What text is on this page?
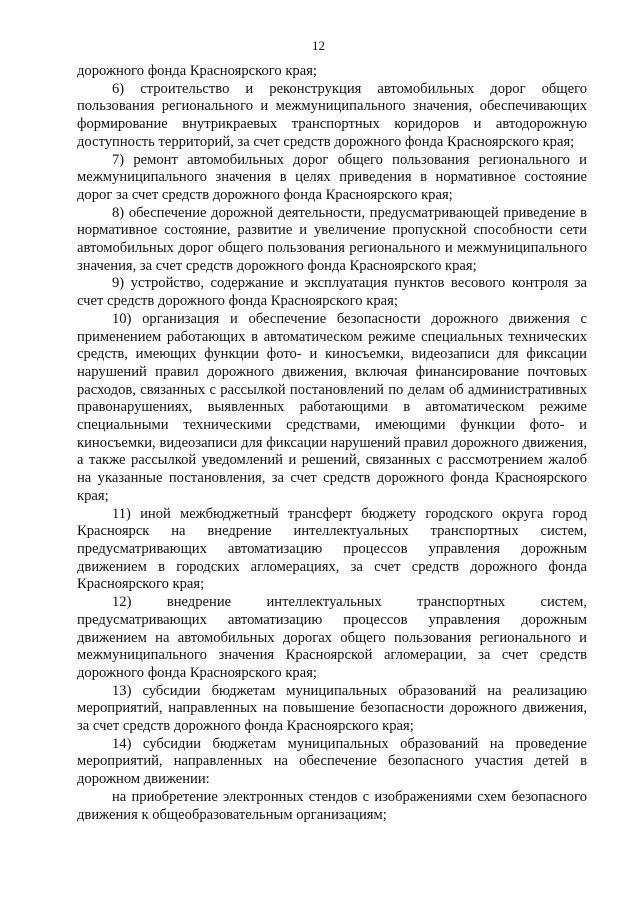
12

дорожного фонда Красноярского края;

6) строительство и реконструкция автомобильных дорог общего пользования регионального и межмуниципального значения, обеспечивающих формирование внутрикраевых транспортных коридоров и автодорожную доступность территорий, за счет средств дорожного фонда Красноярского края;

7) ремонт автомобильных дорог общего пользования регионального и межмуниципального значения в целях приведения в нормативное состояние дорог за счет средств дорожного фонда Красноярского края;

8) обеспечение дорожной деятельности, предусматривающей приведение в нормативное состояние, развитие и увеличение пропускной способности сети автомобильных дорог общего пользования регионального и межмуниципального значения, за счет средств дорожного фонда Красноярского края;

9) устройство, содержание и эксплуатация пунктов весового контроля за счет средств дорожного фонда Красноярского края;

10) организация и обеспечение безопасности дорожного движения с применением работающих в автоматическом режиме специальных технических средств, имеющих функции фото- и киносъемки, видеозаписи для фиксации нарушений правил дорожного движения, включая финансирование почтовых расходов, связанных с рассылкой постановлений по делам об административных правонарушениях, выявленных работающими в автоматическом режиме специальными техническими средствами, имеющими функции фото- и киносъемки, видеозаписи для фиксации нарушений правил дорожного движения, а также рассылкой уведомлений и решений, связанных с рассмотрением жалоб на указанные постановления, за счет средств дорожного фонда Красноярского края;

11) иной межбюджетный трансферт бюджету городского округа город Красноярск на внедрение интеллектуальных транспортных систем, предусматривающих автоматизацию процессов управления дорожным движением в городских агломерациях, за счет средств дорожного фонда Красноярского края;

12) внедрение интеллектуальных транспортных систем, предусматривающих автоматизацию процессов управления дорожным движением на автомобильных дорогах общего пользования регионального и межмуниципального значения Красноярской агломерации, за счет средств дорожного фонда Красноярского края;

13) субсидии бюджетам муниципальных образований на реализацию мероприятий, направленных на повышение безопасности дорожного движения, за счет средств дорожного фонда Красноярского края;

14) субсидии бюджетам муниципальных образований на проведение мероприятий, направленных на обеспечение безопасного участия детей в дорожном движении:

на приобретение электронных стендов с изображениями схем безопасного движения к общеобразовательным организациям;
